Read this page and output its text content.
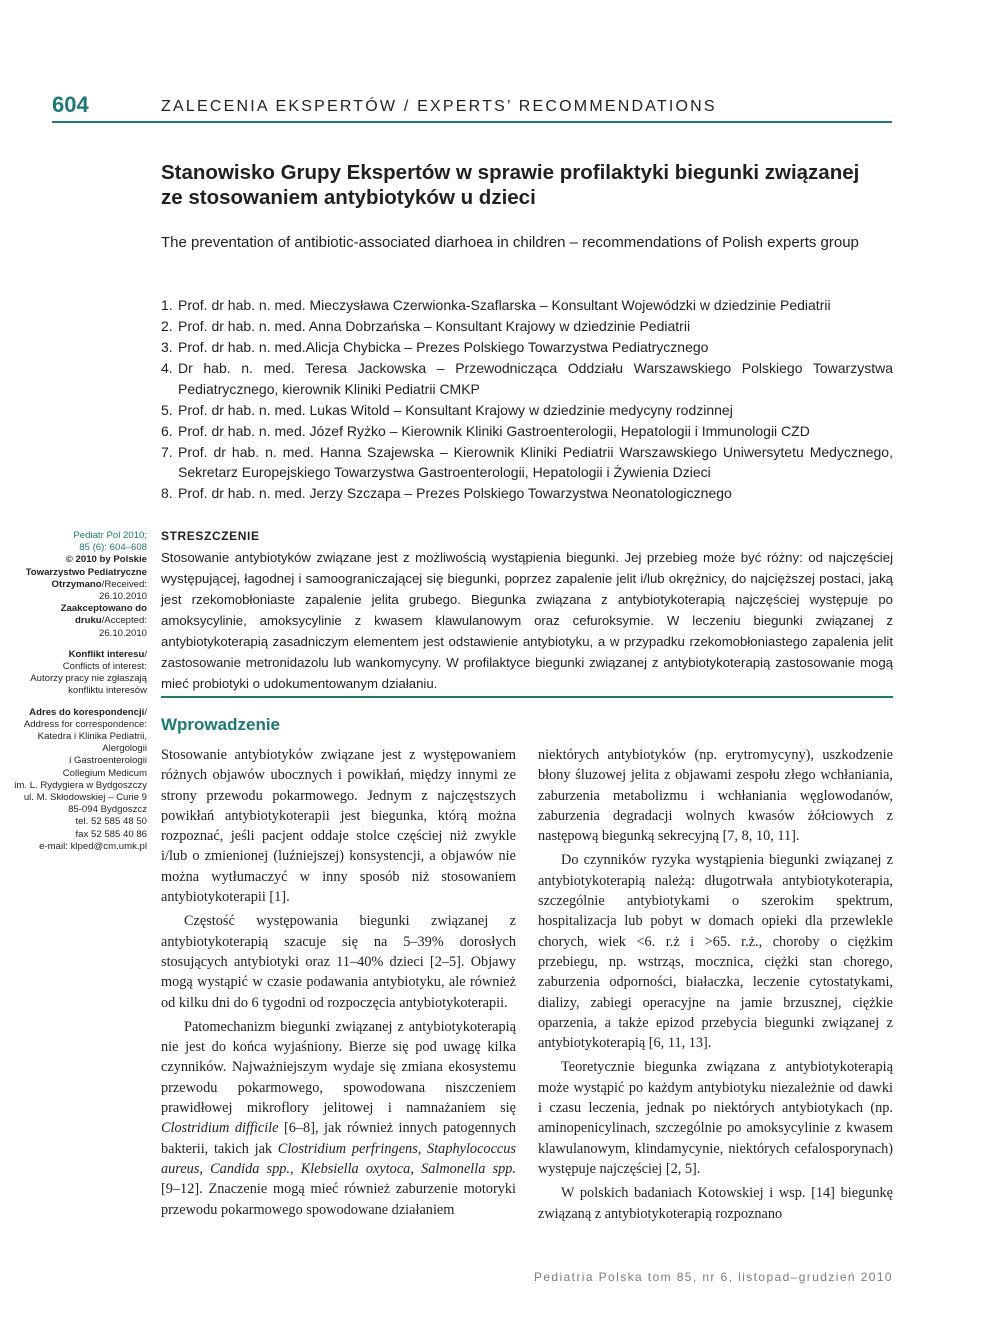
604	ZALECENIA EKSPERTÓW / EXPERTS’ RECOMMENDATIONS
Stanowisko Grupy Ekspertów w sprawie profilaktyki biegunki związanej ze stosowaniem antybiotyków u dzieci
The preventation of antibiotic-associated diarhoea in children – recommendations of Polish experts group
1. Prof. dr hab. n. med. Mieczysława Czerwionka-Szaflarska – Konsultant Wojewódzki w dziedzinie Pediatrii
2. Prof. dr hab. n. med. Anna Dobrzańska – Konsultant Krajowy w dziedzinie Pediatrii
3. Prof. dr hab. n. med.Alicja Chybicka – Prezes Polskiego Towarzystwa Pediatrycznego
4. Dr hab. n. med. Teresa Jackowska – Przewodnicząca Oddziału Warszawskiego Polskiego Towarzystwa Pediatrycznego, kierownik Kliniki Pediatrii CMKP
5. Prof. dr hab. n. med. Lukas Witold – Konsultant Krajowy w dziedzinie medycyny rodzinnej
6. Prof. dr hab. n. med. Józef Ryżko – Kierownik Kliniki Gastroenterologii, Hepatologii i Immunologii CZD
7. Prof. dr hab. n. med. Hanna Szajewska – Kierownik Kliniki Pediatrii Warszawskiego Uniwersytetu Medycznego, Sekretarz Europejskiego Towarzystwa Gastroenterologii, Hepatologii i Żywienia Dzieci
8. Prof. dr hab. n. med. Jerzy Szczapa – Prezes Polskiego Towarzystwa Neonatologicznego
Pediatr Pol 2010;
85 (6): 604–608
© 2010 by Polskie
Towarzystwo Pediatryczne
Otrzymano/Received:
26.10.2010
Zaakceptowano do
druku/Accepted:
26.10.2010
Konflikt interesu/
Conflicts of interest:
Autorzy pracy nie zgłaszają
konfliktu interesów
Adres do korespondencji/
Address for correspondence:
Katedra i Klinika Pediatrii,
Alergologii
i Gastroenterologii
Collegium Medicum
im. L. Rydygiera w Bydgoszczy
ul. M. Skłodowskiej – Curie 9
85-094 Bydgoszcz
tel. 52 585 48 50
fax 52 585 40 86
e-mail: klped@cm.umk.pl
STRESZCZENIE

Stosowanie antybiotyków związane jest z możliwością wystąpienia biegunki. Jej przebieg może być różny: od najczęściej występującej, łagodnej i samoograniczającej się biegunki, poprzez zapalenie jelit i/lub okrężnicy, do najcięższej postaci, jaką jest rzekomobłoniaste zapalenie jelita grubego. Biegunka związana z antybiotykoterapią najczęściej występuje po amoksycylinie, amoksycylinie z kwasem klawulanowym oraz cefuroksymie. W leczeniu biegunki związanej z antybiotykoterapią zasadniczym elementem jest odstawienie antybiotyku, a w przypadku rzekomobłoniastego zapalenia jelit zastosowanie metronidazolu lub wankomycyny. W profilaktyce biegunki związanej z antybiotykoterapią zastosowanie mogą mieć probiotyki o udokumentowanym działaniu.

Wprowadzenie

Stosowanie antybiotyków związane jest z występowaniem różnych objawów ubocznych i powikłań, między innymi ze strony przewodu pokarmowego. Jednym z najczęstszych powikłań antybiotykoterapii jest biegunka, którą można rozpoznać, jeśli pacjent oddaje stolce częściej niż zwykle i/lub o zmienionej (luźniejszej) konsystencji, a objawów nie można wytłumaczyć w inny sposób niż stosowaniem antybiotykoterapii [1].

Częstość występowania biegunki związanej z antybiotykoterapią szacuje się na 5–39% dorosłych stosujących antybiotyki oraz 11–40% dzieci [2–5]. Objawy mogą wystąpić w czasie podawania antybiotyku, ale również od kilku dni do 6 tygodni od rozpoczęcia antybiotykoterapii.

Patomechanizm biegunki związanej z antybiotykoterapią nie jest do końca wyjaśniony. Bierze się pod uwagę kilka czynników. Najważniejszym wydaje się zmiana ekosystemu przewodu pokarmowego, spowodowana niszczeniem prawidłowej mikroflory jelitowej i namnażaniem się Clostridium difficile [6–8], jak również innych patogennych bakterii, takich jak Clostridium perfringens, Staphylococcus aureus, Candida spp., Klebsiella oxytoca, Salmonella spp. [9–12]. Znaczenie mogą mieć również zaburzenie motoryki przewodu pokarmowego spowodowane działaniem

niektórych antybiotyków (np. erytromycyny), uszkodzenie błony śluzowej jelita z objawami zespołu złego wchłaniania, zaburzenia metabolizmu i wchłaniania węglowodanów, zaburzenia degradacji wolnych kwasów żółciowych z następową biegunką sekrecyjną [7, 8, 10, 11].

Do czynników ryzyka wystąpienia biegunki związanej z antybiotykoterapią należą: długotrwała antybiotykoterapia, szczególnie antybiotykami o szerokim spektrum, hospitalizacja lub pobyt w domach opieki dla przewlekle chorych, wiek <6. r.ż i >65. r.ż., choroby o ciężkim przebiegu, np. wstrząs, mocznica, ciężki stan chorego, zaburzenia odporności, białaczka, leczenie cytostatykami, dializy, zabiegi operacyjne na jamie brzusznej, ciężkie oparzenia, a także epizod przebycia biegunki związanej z antybiotykoterapią [6, 11, 13].

Teoretycznie biegunka związana z antybiotykoterapią może wystąpić po każdym antybiotyku niezależnie od dawki i czasu leczenia, jednak po niektórych antybiotykach (np. aminopenicylinach, szczególnie po amoksycylinie z kwasem klawulanowym, klindamycynie, niektórych cefalosporynach) występuje najczęściej [2, 5].

W polskich badaniach Kotowskiej i wsp. [14] biegunkę związaną z antybiotykoterapią rozpoznano

Pediatria Polska tom 85, nr 6, listopad–grudzień 2010
